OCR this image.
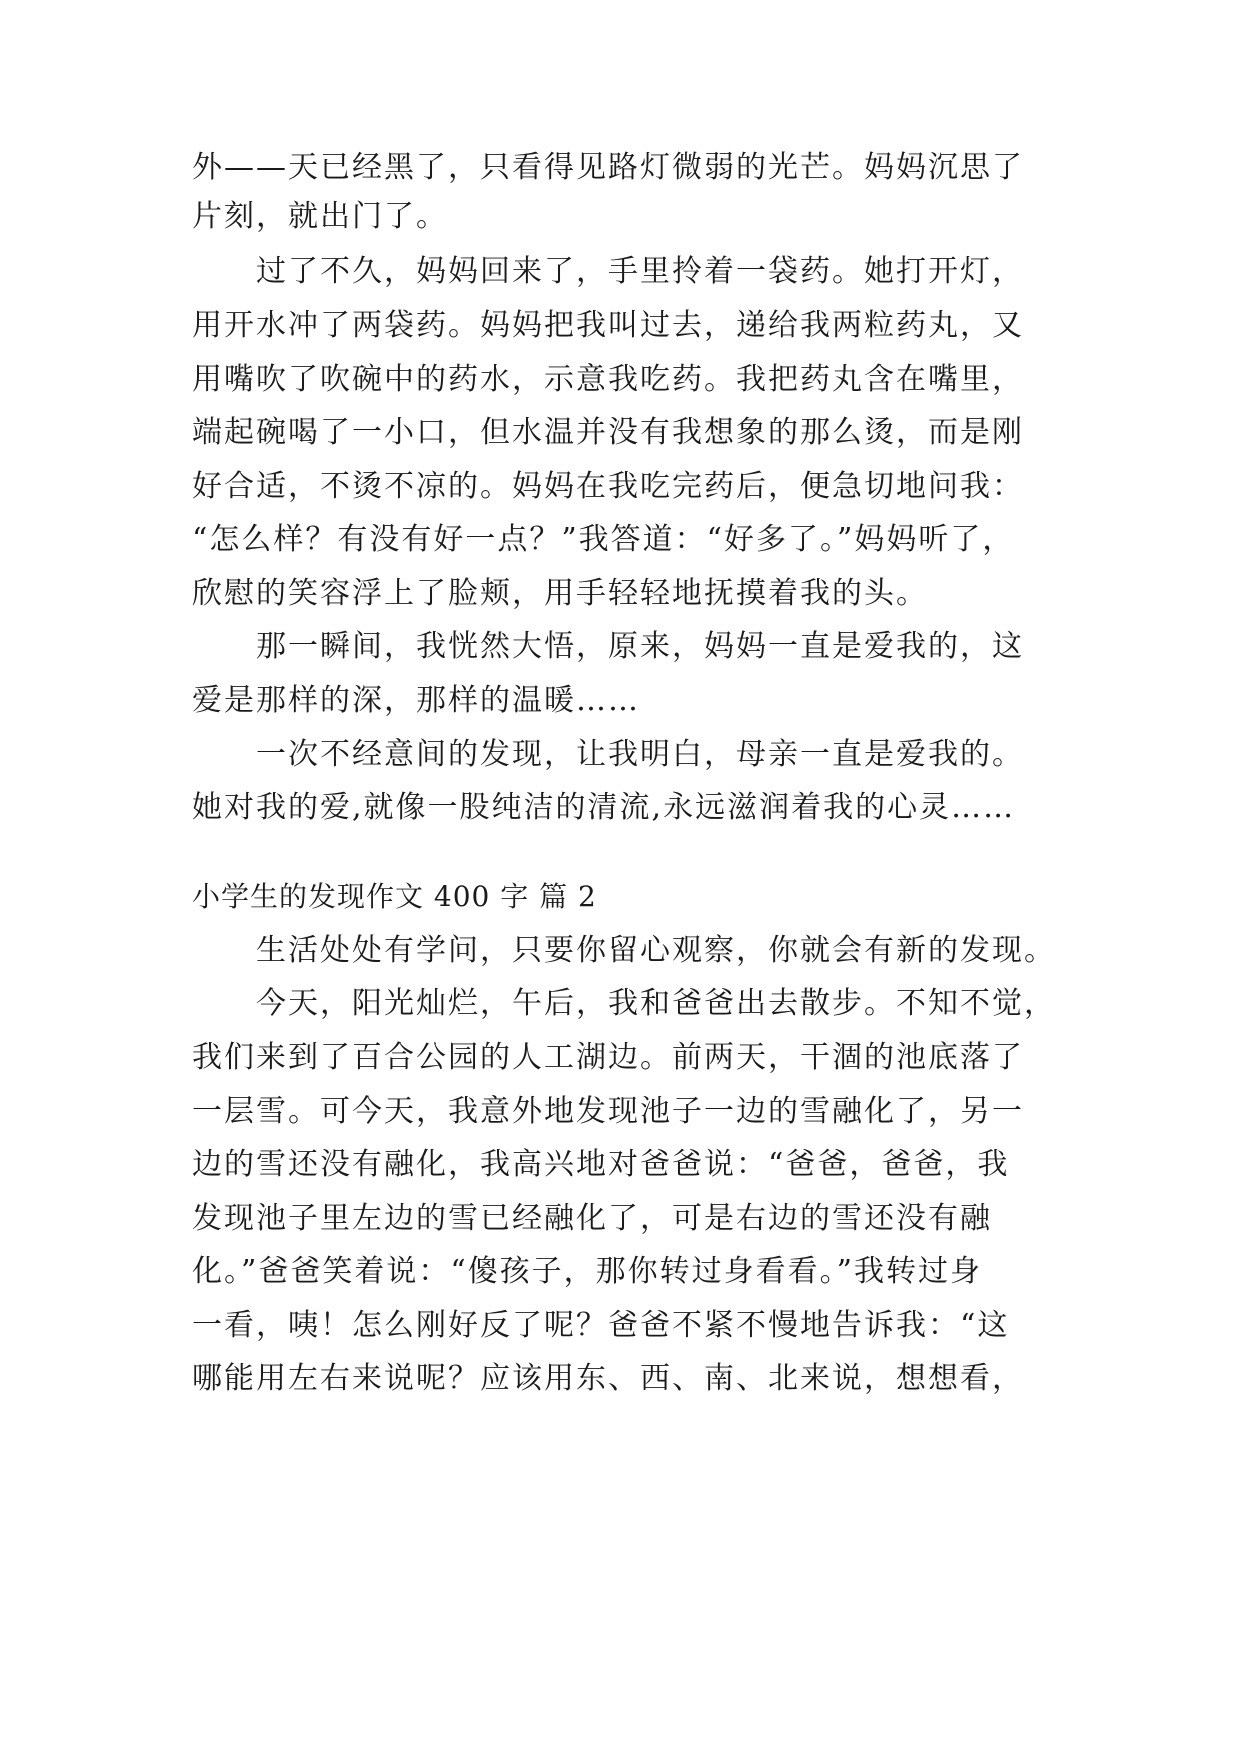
外——天已经黑了，只看得见路灯微弱的光芒。妈妈沉思了
片刻，就出门了。
过了不久，妈妈回来了，手里拎着一袋药。她打开灯，
用开水冲了两袋药。妈妈把我叫过去，递给我两粒药丸，又
用嘴吹了吹碗中的药水，示意我吃药。我把药丸含在嘴里，
端起碗喝了一小口，但水温并没有我想象的那么烫，而是刚
好合适，不烫不凉的。妈妈在我吃完药后，便急切地问我：
“怎么样？有没有好一点？”我答道：“好多了。”妈妈听了，
欣慰的笑容浮上了脸颊，用手轻轻地抚摸着我的头。
那一瞬间，我恍然大悟，原来，妈妈一直是爱我的，这
爱是那样的深，那样的温暖……
一次不经意间的发现，让我明白，母亲一直是爱我的。
她对我的爱,就像一股纯洁的清流,永远滋润着我的心灵……
小学生的发现作文 400 字 篇 2
生活处处有学问，只要你留心观察，你就会有新的发现。
今天，阳光灿烂，午后，我和爸爸出去散步。不知不觉，
我们来到了百合公园的人工湖边。前两天，干涸的池底落了
一层雪。可今天，我意外地发现池子一边的雪融化了，另一
边的雪还没有融化，我高兴地对爸爸说：“爸爸，爸爸，我
发现池子里左边的雪已经融化了，可是右边的雪还没有融
化。”爸爸笑着说：“傻孩子，那你转过身看看。”我转过身
一看，咦！怎么刚好反了呢？爸爸不紧不慢地告诉我：“这
哪能用左右来说呢？应该用东、西、南、北来说，想想看，
